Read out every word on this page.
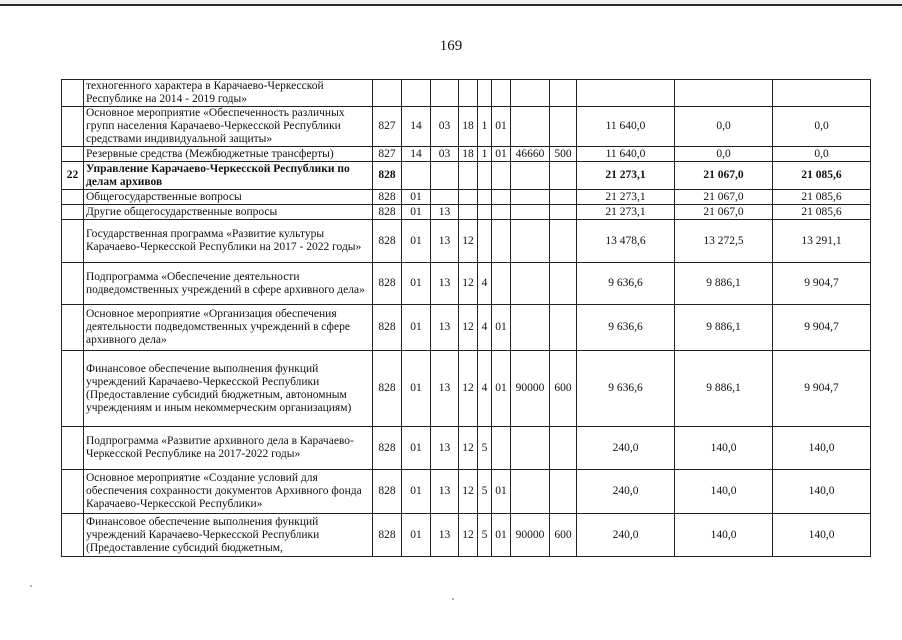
169
	техногенного характера в Карачаево-Черкесской Республике на 2014 - 2019 годы»											
	Основное мероприятие «Обеспеченность различных групп населения Карачаево-Черкесской Республики средствами индивидуальной защиты»	827	14	03	18	1	01			11 640,0	0,0	0,0
	Резервные средства (Межбюджетные трансферты)	827	14	03	18	1	01	46660	500	11 640,0	0,0	0,0
22	Управление Карачаево-Черкесской Республики по делам архивов	828								21 273,1	21 067,0	21 085,6
	Общегосударственные вопросы	828	01							21 273,1	21 067,0	21 085,6
	Другие общегосударственные вопросы	828	01	13						21 273,1	21 067,0	21 085,6
	Государственная программа «Развитие культуры Карачаево-Черкесской Республики на 2017 - 2022 годы»	828	01	13	12					13 478,6	13 272,5	13 291,1
	Подпрограмма «Обеспечение деятельности подведомственных учреждений в сфере архивного дела»	828	01	13	12	4				9 636,6	9 886,1	9 904,7
	Основное мероприятие «Организация обеспечения деятельности подведомственных учреждений в сфере архивного дела»	828	01	13	12	4	01			9 636,6	9 886,1	9 904,7
	Финансовое обеспечение выполнения функций учреждений Карачаево-Черкесской Республики (Предоставление субсидий бюджетным, автономным учреждениям и иным некоммерческим организациям)	828	01	13	12	4	01	90000	600	9 636,6	9 886,1	9 904,7
	Подпрограмма «Развитие архивного дела в Карачаево-Черкесской Республике на 2017-2022 годы»	828	01	13	12	5				240,0	140,0	140,0
	Основное мероприятие «Создание условий для обеспечения сохранности документов Архивного фонда Карачаево-Черкесской Республики»	828	01	13	12	5	01			240,0	140,0	140,0
	Финансовое обеспечение выполнения функций учреждений Карачаево-Черкесской Республики (Предоставление субсидий бюджетным,	828	01	13	12	5	01	90000	600	240,0	140,0	140,0
